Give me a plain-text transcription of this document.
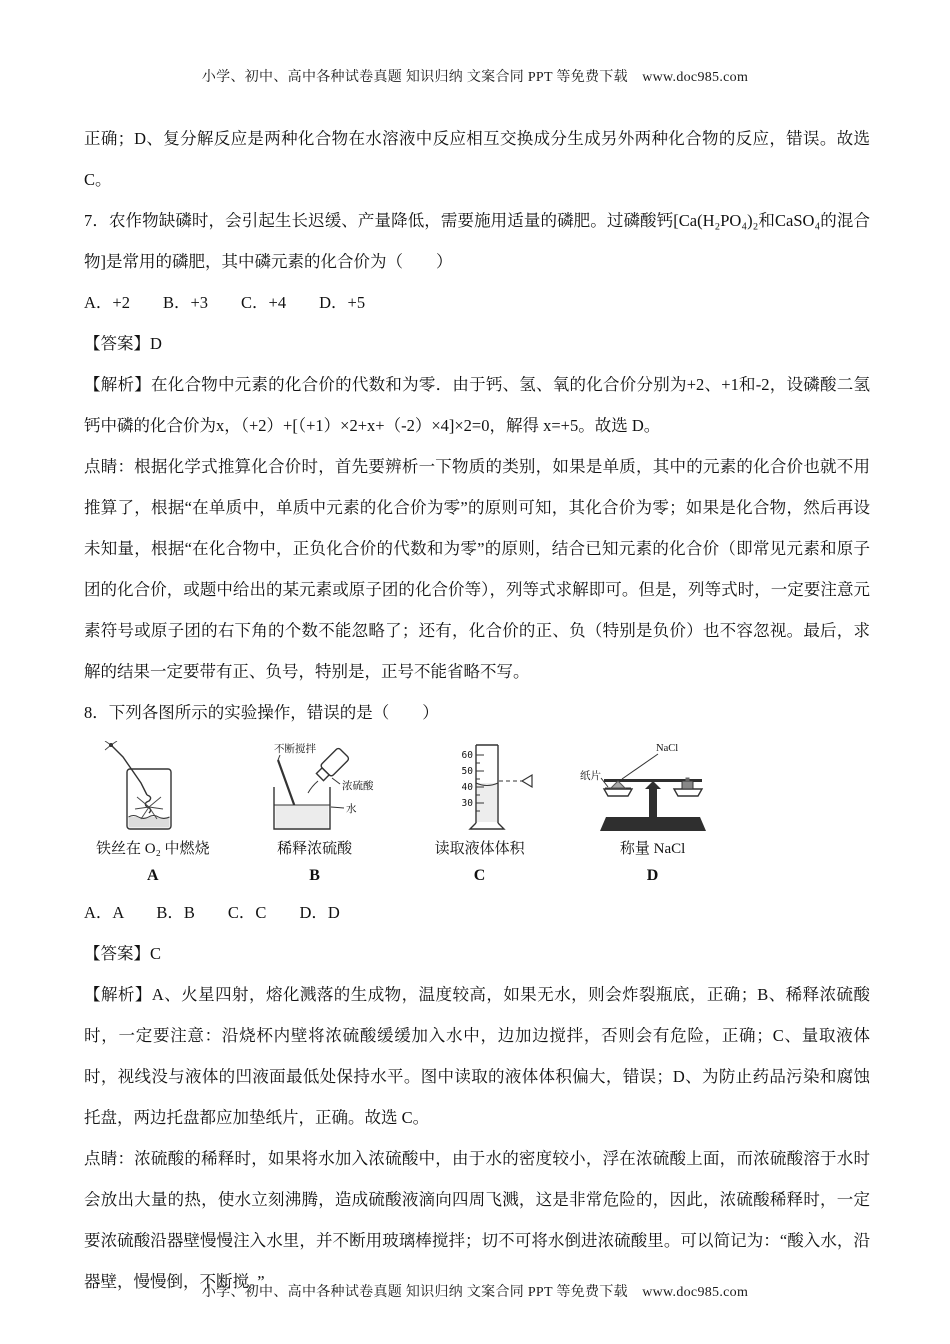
小学、初中、高中各种试卷真题 知识归纳 文案合同 PPT 等免费下载　www.doc985.com

正确；D、复分解反应是两种化合物在水溶液中反应相互交换成分生成另外两种化合物的反应，错误。故选 C。

7．农作物缺磷时，会引起生长迟缓、产量降低，需要施用适量的磷肥。过磷酸钙[Ca(H₂PO₄)₂和CaSO₄的混合物]是常用的磷肥，其中磷元素的化合价为（　　）

A．+2　　B．+3　　C．+4　　D．+5

【答案】D

【解析】在化合物中元素的化合价的代数和为零．由于钙、氢、氧的化合价分别为+2、+1和-2，设磷酸二氢钙中磷的化合价为x，（+2）+[（+1）×2+x+（-2）×4]×2=0，解得 x=+5。故选 D。

点睛：根据化学式推算化合价时，首先要辨析一下物质的类别，如果是单质，其中的元素的化合价也就不用推算了，根据“在单质中，单质中元素的化合价为零”的原则可知，其化合价为零；如果是化合物，然后再设未知量，根据“在化合物中，正负化合价的代数和为零”的原则，结合已知元素的化合价（即常见元素和原子团的化合价，或题中给出的某元素或原子团的化合价等），列等式求解即可。但是，列等式时，一定要注意元素符号或原子团的右下角的个数不能忽略了；还有，化合价的正、负（特别是负价）也不容忽视。最后，求解的结果一定要带有正、负号，特别是，正号不能省略不写。

8．下列各图所示的实验操作，错误的是（　　）

铁丝在 O₂ 中燃烧
A
不断搅拌
浓硫酸
水
稀释浓硫酸
B
60
50
40
30
读取液体体积
C
NaCl
纸片
称量 NaCl
D

A．A　　B．B　　C．C　　D．D

【答案】C

【解析】A、火星四射，熔化溅落的生成物，温度较高，如果无水，则会炸裂瓶底，正确；B、稀释浓硫酸时，一定要注意：沿烧杯内壁将浓硫酸缓缓加入水中，边加边搅拌，否则会有危险，正确；C、量取液体时，视线没与液体的凹液面最低处保持水平。图中读取的液体体积偏大，错误；D、为防止药品污染和腐蚀托盘，两边托盘都应加垫纸片，正确。故选 C。

点睛：浓硫酸的稀释时，如果将水加入浓硫酸中，由于水的密度较小，浮在浓硫酸上面，而浓硫酸溶于水时会放出大量的热，使水立刻沸腾，造成硫酸液滴向四周飞溅，这是非常危险的，因此，浓硫酸稀释时，一定要浓硫酸沿器壁慢慢注入水里，并不断用玻璃棒搅拌；切不可将水倒进浓硫酸里。可以简记为：“酸入水，沿器壁，慢慢倒，不断搅。”

小学、初中、高中各种试卷真题 知识归纳 文案合同 PPT 等免费下载　www.doc985.com
